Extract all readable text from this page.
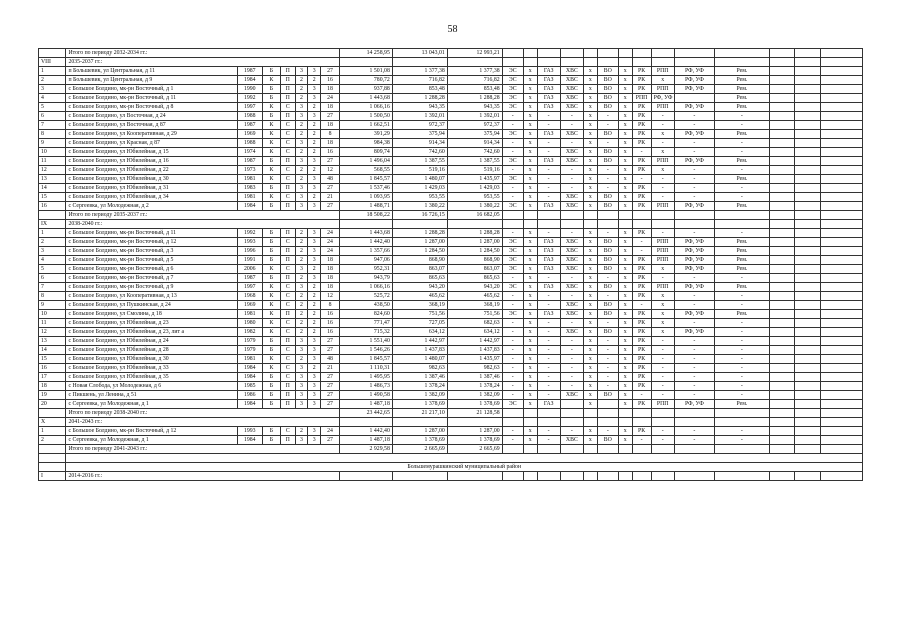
58
	Итого по периоду 2032-2034 гг.:							14 258,95	13 043,01	12 993,21														
VIII	2035-2037 гг.:																							
1	п Большевик, ул Центральная, д 11	1987	Б	П	3	3	27	1 501,08	1 377,38	1 377,38	ЭС	х	ГАЗ	ХВС	х	ВО	х	РК	РПП	РФ, УФ	Рем.			
2	п Большевик, ул Центральная, д 9	1984	К	П	2	2	16	780,72	716,82	716,82	ЭС	х	ГАЗ	ХВС	х	ВО	х	РК	х	РФ, УФ	Рем.			
3	с Большое Болдино, мк-рн Восточный, д 1	1990	Б	П	2	3	18	937,88	853,48	853,48	ЭС	х	ГАЗ	ХВС	х	ВО	х	РК	РПП	РФ, УФ	Рем.			
4	с Большое Болдино, мк-рн Восточный, д 11	1992	Б	П	2	3	24	1 443,68	1 288,28	1 288,28	ЭС	х	ГАЗ	ХВС	х	ВО	х	РПП	РФ, УФ		Рем.			
5	с Большое Болдино, мк-рн Восточный, д 8	1997	К	С	3	2	18	1 066,16	943,35	943,35	ЭС	х	ГАЗ	ХВС	х	ВО	х	РК	РПП	РФ, УФ	Рем.			
6	с Большое Болдино, ул Восточная, д 24	1988	Б	П	3	3	27	1 500,50	1 392,01	1 392,01	-	х	-	-	х	-	х	РК	-	-	-			
7	с Большое Болдино, ул Восточная, д 87	1987	К	С	2	2	18	1 662,51	972,37	972,37	-	х	-	-	х	-	х	РК	-	-	-			
8	с Большое Болдино, ул Кооперативная, д 29	1969	К	С	2	2	8	391,29	375,94	375,94	ЭС	х	ГАЗ	ХВС	х	ВО	х	РК	х	РФ, УФ	Рем.			
9	с Большое Болдино, ул Красная, д 87	1988	К	С	3	2	18	984,38	914,34	914,34	-	х	-	-	х	-	х	РК	-	-	-			
10	с Большое Болдино, ул Юбилейная, д 15	1974	К	С	2	2	16	809,74	742,60	742,60	-	х	-	ХВС	х	ВО	х	-	х	-	-			
11	с Большое Болдино, ул Юбилейная, д 16	1987	Б	П	3	3	27	1 496,04	1 387,55	1 387,55	ЭС	х	ГАЗ	ХВС	х	ВО	х	РК	РПП	РФ, УФ	Рем.			
12	с Большое Болдино, ул Юбилейная, д 22	1973	К	С	2	2	12	568,55	519,16	519,16	-	х	-	-	х	-	х	РК	х	-	-			
13	с Большое Болдино, ул Юбилейная, д 30	1981	К	С	2	3	48	1 845,57	1 480,07	1 435,97	ЭС	х	-	-	х	-	х	-	-	-	Рем.			
14	с Большое Болдино, ул Юбилейная, д 31	1983	Б	П	3	3	27	1 537,46	1 429,03	1 429,03	-	х	-	-	х	-	х	РК	-	-	-			
15	с Большое Болдино, ул Юбилейная, д 34	1981	К	С	3	2	21	1 093,95	953,55	953,55	-	х	-	ХВС	х	ВО	х	РК	-	-	-			
16	с Сергеевка, ул Молодежная, д 2	1984	Б	П	3	3	27	1 488,71	1 380,22	1 380,22	ЭС	х	ГАЗ	ХВС	х	ВО	х	РК	РПП	РФ, УФ	Рем.			
	Итого по периоду 2035-2037 гг.:							18 508,22	16 726,15	16 682,05														
IX	2038-2040 гг.:																							
1	с Большое Болдино, мк-рн Восточный, д 11	1992	Б	П	2	3	24	1 443,68	1 288,28	1 288,28	-	х	-	-	х	-	х	РК	-	-	-			
2	с Большое Болдино, мк-рн Восточный, д 12	1993	Б	С	2	3	24	1 442,40	1 287,00	1 287,00	ЭС	х	ГАЗ	ХВС	х	ВО	х	-	РПП	РФ, УФ	Рем.			
3	с Большое Болдино, мк-рн Восточный, д 3	1996	Б	П	2	3	24	1 357,66	1 284,50	1 284,50	ЭС	х	ГАЗ	ХВС	х	ВО	х	-	РПП	РФ, УФ	Рем.			
4	с Большое Болдино, мк-рн Восточный, д 5	1991	Б	П	2	3	18	947,06	868,90	868,90	ЭС	х	ГАЗ	ХВС	х	ВО	х	РК	РПП	РФ, УФ	Рем.			
5	с Большое Болдино, мк-рн Восточный, д 6	2006	К	С	3	2	18	952,31	863,07	863,07	ЭС	х	ГАЗ	ХВС	х	ВО	х	РК	х	РФ, УФ	Рем.			
6	с Большое Болдино, мк-рн Восточный, д 7	1987	Б	П	2	3	18	943,79	865,63	865,63	-	х	-	-	х	-	х	РК	-	-	-			
7	с Большое Болдино, мк-рн Восточный, д 9	1997	К	С	3	2	18	1 066,16	943,20	943,20	ЭС	х	ГАЗ	ХВС	х	ВО	х	РК	РПП	РФ, УФ	Рем.			
8	с Большое Болдино, ул Кооперативная, д 13	1968	К	С	2	2	12	525,72	465,62	465,62	-	х	-	-	х	-	х	РК	х	-	-			
9	с Большое Болдино, ул Пушкинская, д 24	1969	К	С	2	2	8	438,50	368,19	368,19	-	х	-	ХВС	х	ВО	х	-	х	-	-			
10	с Большое Болдино, ул Смолина, д 18	1981	К	П	2	2	16	824,60	751,56	751,56	ЭС	х	ГАЗ	ХВС	х	ВО	х	РК	х	РФ, УФ	Рем.			
11	с Большое Болдино, ул Юбилейная, д 23	1980	К	С	2	2	16	771,47	727,05	682,63	-	х	-	-	х	-	х	РК	х	-	-			
12	с Большое Болдино, ул Юбилейная, д 23, лит а	1982	К	С	2	2	16	715,32	634,12	634,12	-	х	-	ХВС	х	ВО	х	РК	х	РФ, УФ	-			
13	с Большое Болдино, ул Юбилейная, д 24	1979	Б	П	3	3	27	1 551,40	1 442,97	1 442,97	-	х	-	-	х	-	х	РК	-	-	-			
14	с Большое Болдино, ул Юбилейная, д 28	1979	Б	С	3	3	27	1 546,26	1 437,83	1 437,83	-	х	-	-	х	-	х	РК	-	-	-			
15	с Большое Болдино, ул Юбилейная, д 30	1981	К	С	2	3	48	1 845,57	1 480,07	1 435,97	-	х	-	-	х	-	х	РК	-	-	-			
16	с Большое Болдино, ул Юбилейная, д 33	1984	К	С	3	2	21	1 110,31	982,63	982,63	-	х	-	-	х	-	х	РК	-	-	-			
17	с Большое Болдино, ул Юбилейная, д 35	1984	Б	С	3	3	27	1 495,95	1 387,46	1 387,46	-	х	-	-	х	-	х	РК	-	-	-			
18	с Новая Слобода, ул Молодежная, д 6	1985	Б	П	3	3	27	1 486,73	1 378,24	1 378,24	-	х	-	-	х	-	х	РК	-	-	-			
19	с Пикшень, ул Ленина, д 51	1986	Б	П	3	3	27	1 490,58	1 382,09	1 382,09	-	х	-	ХВС	х	ВО	х	-	-	-	-			
20	с Сергеевка, ул Молодежная, д 1	1984	Б	П	3	3	27	1 487,18	1 378,69	1 378,69	ЭС	х	ГАЗ		х		х	РК	РПП	РФ, УФ	Рем.			
	Итого по периоду 2038-2040 гг.:							23 442,65	21 217,10	21 128,58														
X	2041-2043 гг.:																							
1	с Большое Болдино, мк-рн Восточный, д 12	1993	Б	С	2	3	24	1 442,40	1 287,00	1 287,00	-	х	-	-	х	-	х	РК	-	-	-			
2	с Сергеевка, ул Молодежная, д 1	1984	Б	П	3	3	27	1 487,18	1 378,69	1 378,69	-	х	-	ХВС	х	ВО	х	-	-	-	-			
	Итого по периоду 2041-2043 гг.:							2 929,58	2 665,69	2 665,69														

	Большемурашкинский муниципальный район																							
I	2014-2016 гг.:																							
